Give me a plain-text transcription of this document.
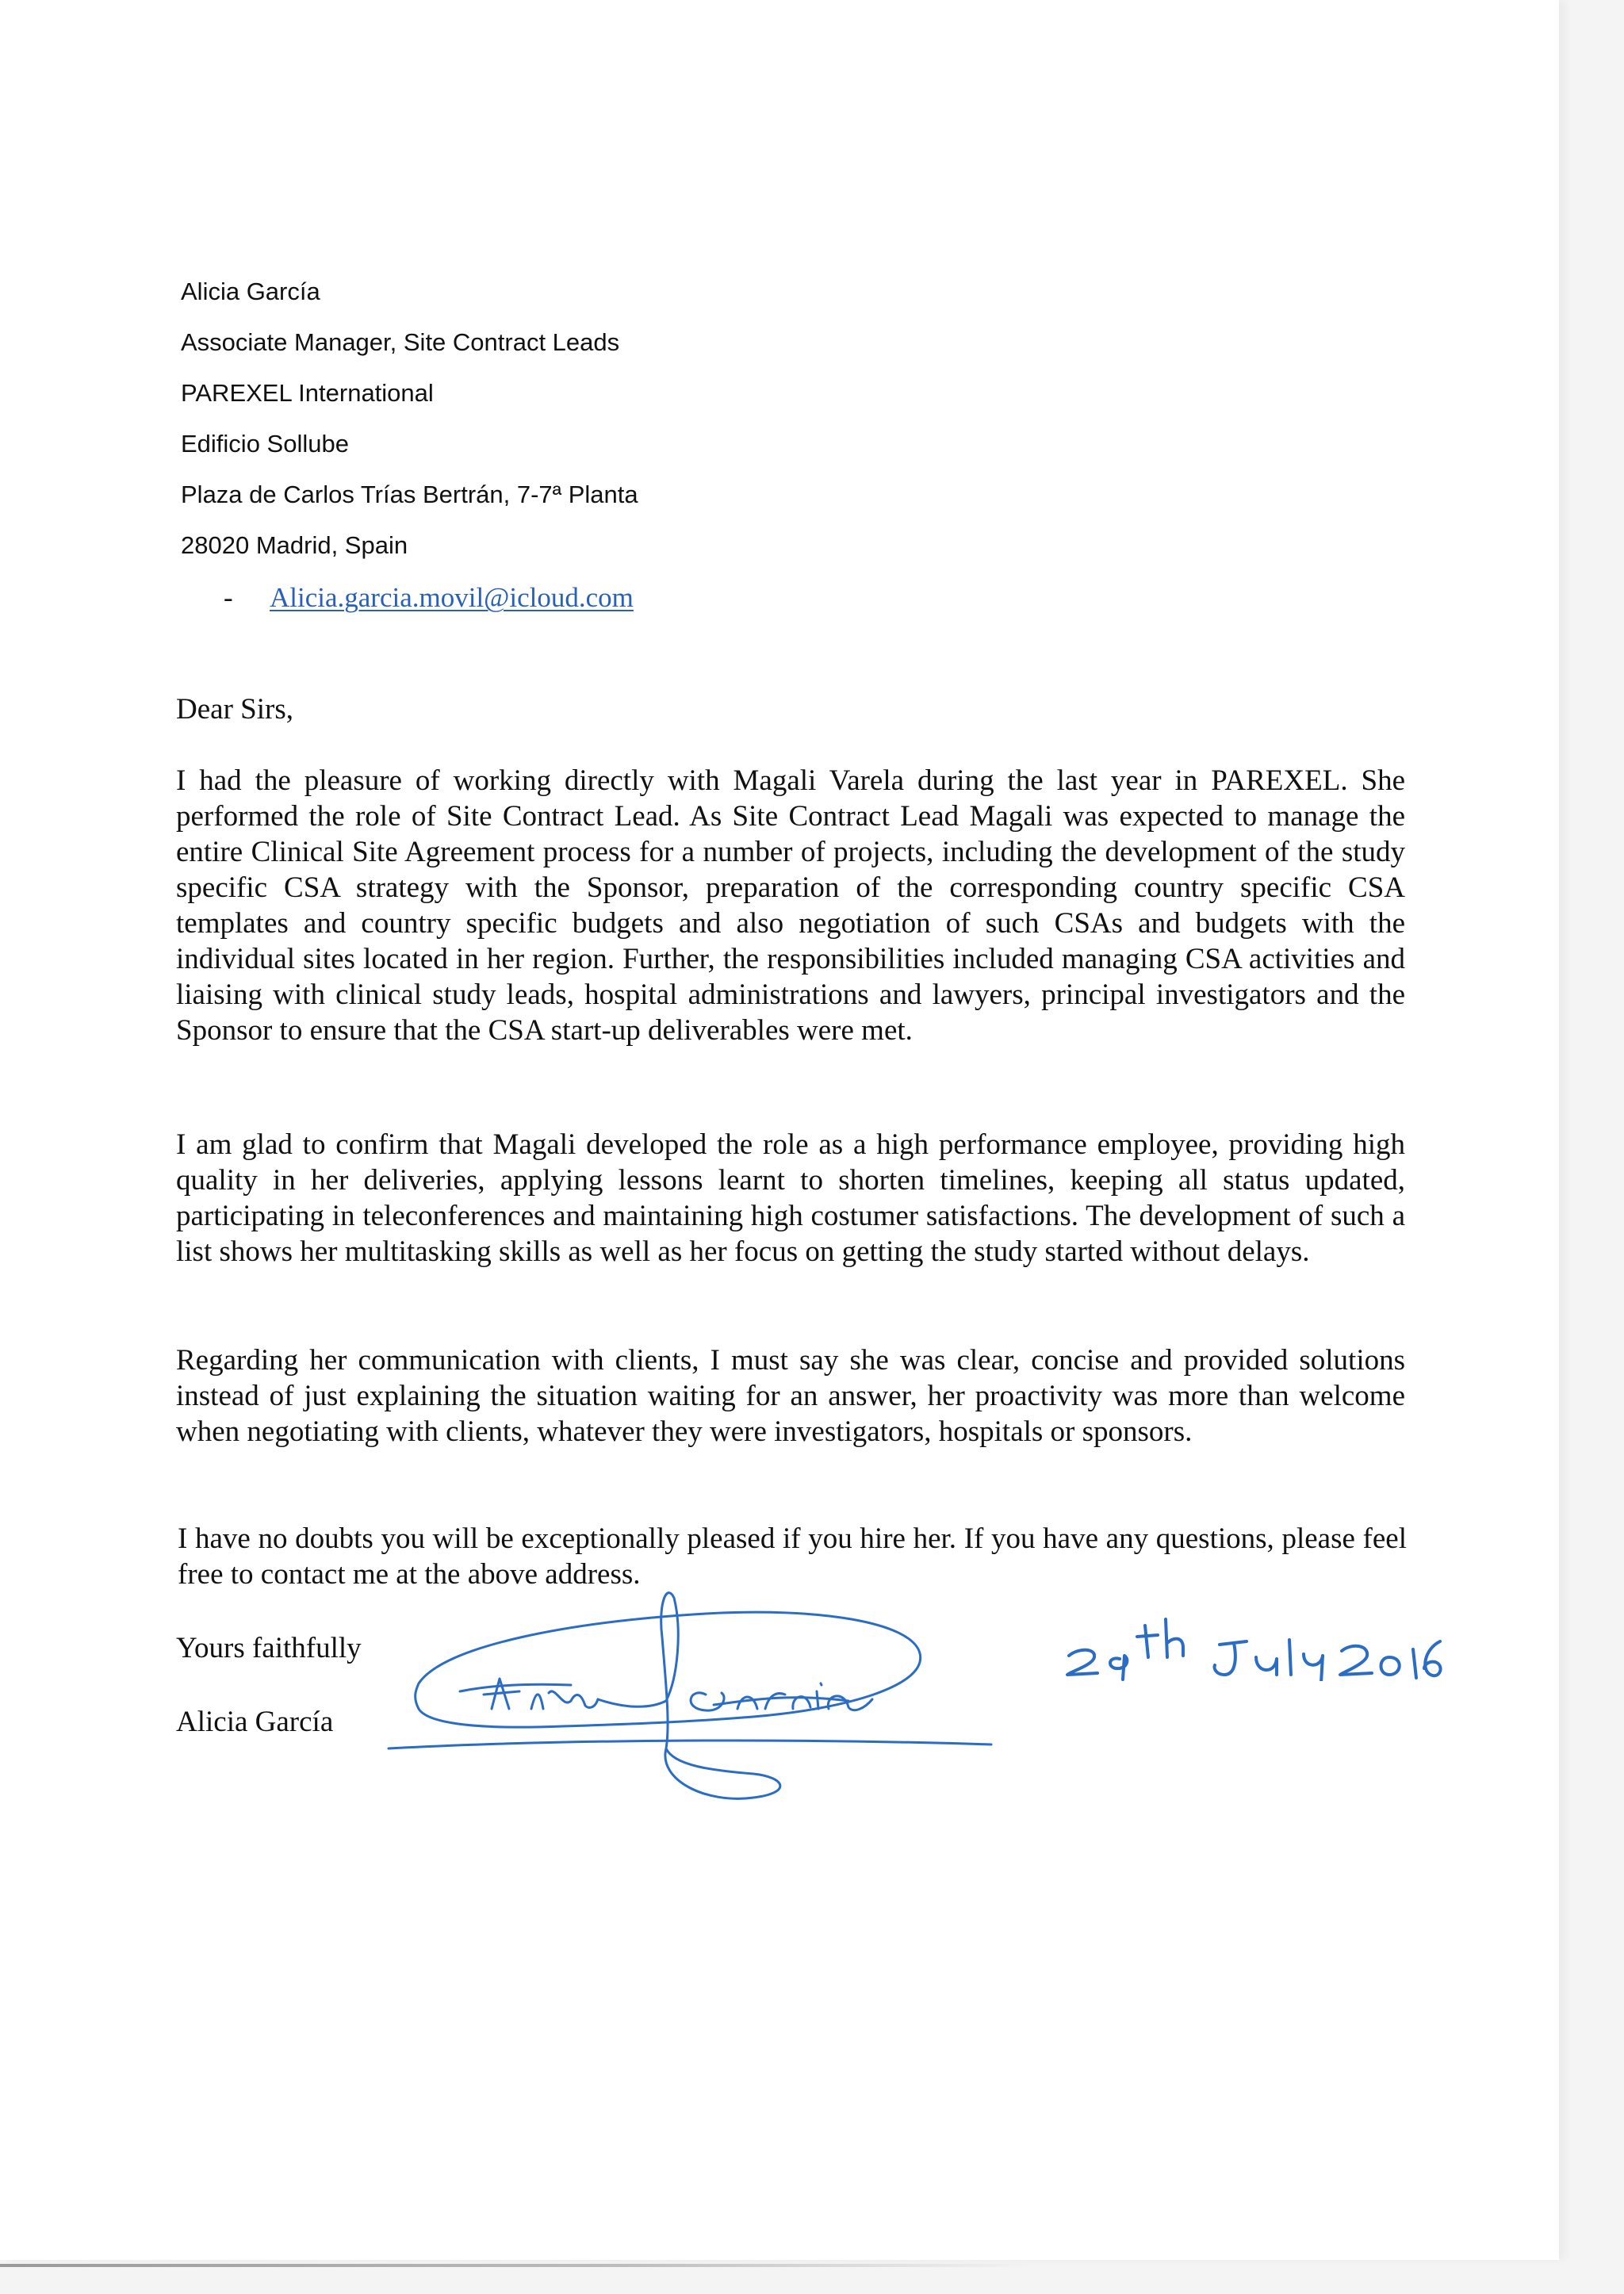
Alicia García
Associate Manager, Site Contract Leads
PAREXEL International
Edificio Sollube
Plaza de Carlos Trías Bertrán, 7-7ª Planta
28020 Madrid, Spain
- Alicia.garcia.movil@icloud.com
Dear Sirs,
I had the pleasure of working directly with Magali Varela during the last year in PAREXEL. She performed the role of Site Contract Lead. As Site Contract Lead Magali was expected to manage the entire Clinical Site Agreement process for a number of projects, including the development of the study specific CSA strategy with the Sponsor, preparation of the corresponding country specific CSA templates and country specific budgets and also negotiation of such CSAs and budgets with the individual sites located in her region. Further, the responsibilities included managing CSA activities and liaising with clinical study leads, hospital administrations and lawyers, principal investigators and the Sponsor to ensure that the CSA start-up deliverables were met.
I am glad to confirm that Magali developed the role as a high performance employee, providing high quality in her deliveries, applying lessons learnt to shorten timelines, keeping all status updated, participating in teleconferences and maintaining high costumer satisfactions. The development of such a list shows her multitasking skills as well as her focus on getting the study started without delays.
Regarding her communication with clients, I must say she was clear, concise and provided solutions instead of just explaining the situation waiting for an answer, her proactivity was more than welcome when negotiating with clients, whatever they were investigators, hospitals or sponsors.
I have no doubts you will be exceptionally pleased if you hire her. If you have any questions, please feel free to contact me at the above address.
Yours faithfully
Alicia García
